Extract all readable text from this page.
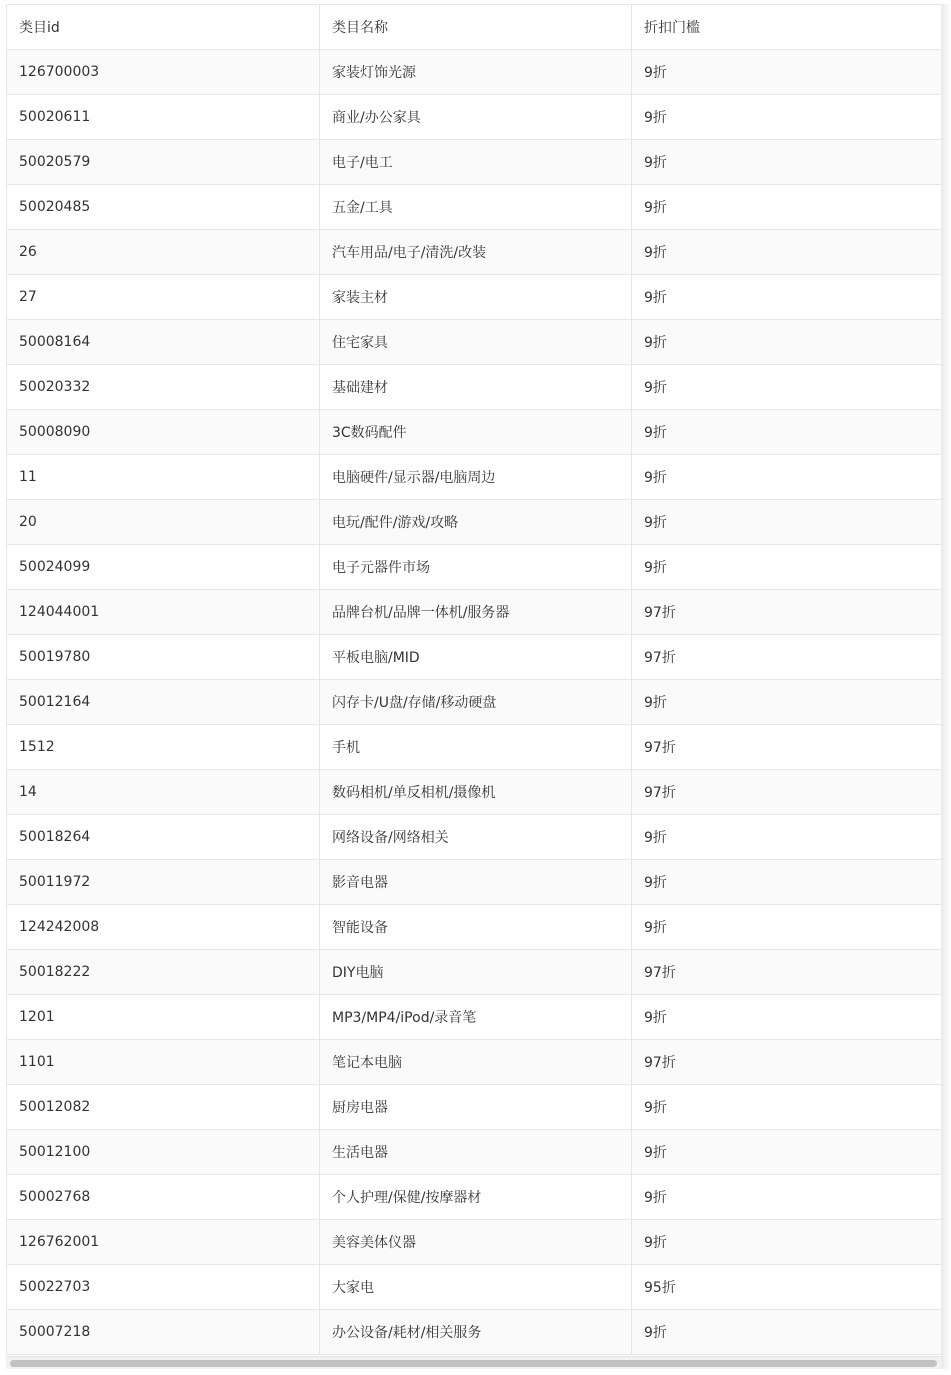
类目id	类目名称	折扣门槛
126700003	家装灯饰光源	9折
50020611	商业/办公家具	9折
50020579	电子/电工	9折
50020485	五金/工具	9折
26	汽车用品/电子/清洗/改装	9折
27	家装主材	9折
50008164	住宅家具	9折
50020332	基础建材	9折
50008090	3C数码配件	9折
11	电脑硬件/显示器/电脑周边	9折
20	电玩/配件/游戏/攻略	9折
50024099	电子元器件市场	9折
124044001	品牌台机/品牌一体机/服务器	97折
50019780	平板电脑/MID	97折
50012164	闪存卡/U盘/存储/移动硬盘	9折
1512	手机	97折
14	数码相机/单反相机/摄像机	97折
50018264	网络设备/网络相关	9折
50011972	影音电器	9折
124242008	智能设备	9折
50018222	DIY电脑	97折
1201	MP3/MP4/iPod/录音笔	9折
1101	笔记本电脑	97折
50012082	厨房电器	9折
50012100	生活电器	9折
50002768	个人护理/保健/按摩器材	9折
126762001	美容美体仪器	9折
50022703	大家电	95折
50007218	办公设备/耗材/相关服务	9折
